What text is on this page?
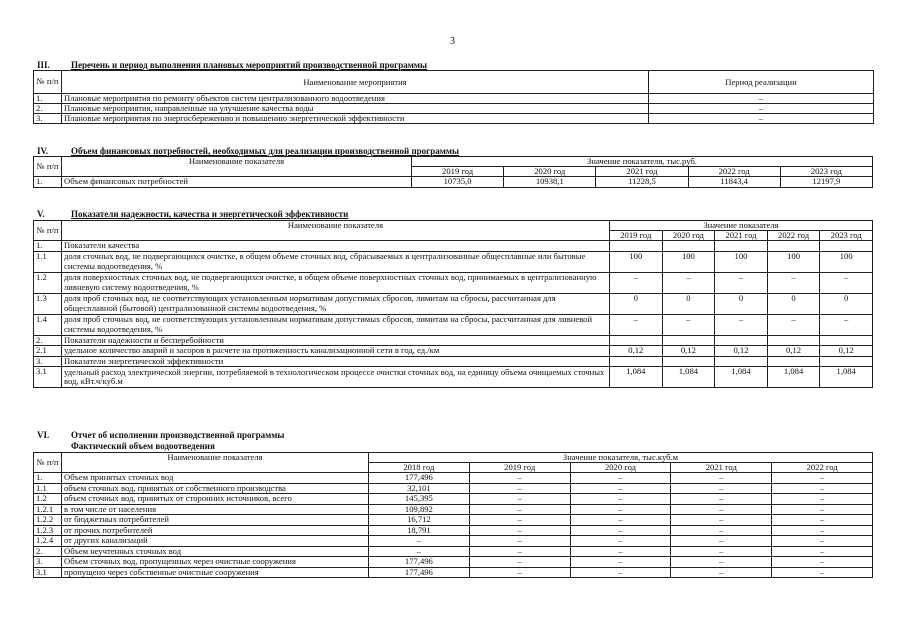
3
III. Перечень и период выполнения плановых мероприятий производственной программы
№ п/п	Наименование мероприятия	Период реализации
1.	Плановые мероприятия по ремонту объектов систем централизованного водоотведения	–
2.	Плановые мероприятия, направленные на улучшение качества воды	–
3.	Плановые мероприятия по энергосбережению и повышению энергетической эффективности	–
IV.	Объем финансовых потребностей, необходимых для реализации производственной программы
№ п/п	Наименование показателя	Значение показателя, тыс.руб.				
		2019 год	2020 год	2021 год	2022 год	2023 год
1.	Объем финансовых потребностей	10735,0	10938,1	11228,5	11843,4	12197,9
V.	Показатели надежности, качества и энергетической эффективности
№ п/п	Наименование показателя	Значение показателя				
		2019 год	2020 год	2021 год	2022 год	2023 год
1.	Показатели качества					
1.1	доля сточных вод, не подвергающихся очистке, в общем объеме сточных вод, сбрасываемых в централизованные общесплавные или бытовые системы водоотведения, %	100	100	100	100	100
1.2	доля поверхностных сточных вод, не подвергающихся очистке, в общем объеме поверхностных сточных вод, принимаемых в централизованную ливневую систему водоотведения, %	–	–	–	–	–
1.3	доля проб сточных вод, не соответствующих установленным нормативам допустимых сбросов, лимитам на сбросы, рассчитанная для общесплавной (бытовой) централизованной системы водоотведения, %	0	0	0	0	0
1.4	доля проб сточных вод, не соответствующих установленным нормативам допустимых сбросов, лимитам на сбросы, рассчитанная для ливневой системы водоотведения, %	–	–	–	–	–
2.	Показатели надежности и бесперебойности					
2.1	удельное количество аварий и засоров в расчете на протяженность канализационной сети в год, ед./км	0,12	0,12	0,12	0,12	0,12
3.	Показатели энергетической эффективности					
3.1	удельный расход электрической энергии, потребляемой в технологическом процессе очистки сточных вод, на единицу объема очищаемых сточных вод, кВт.ч/куб.м	1,084	1,084	1,084	1,084	1,084
VI. Отчет об исполнении производственной программы
Фактический объем водоотведения
№ п/п	Наименование показателя	Значение показателя, тыс.куб.м				
		2018 год	2019 год	2020 год	2021 год	2022 год
1.	Объем принятых сточных вод	177,496	–	–	–	–
1.1	объем сточных вод, принятых от собственного производства	32,101	–	–	–	–
1.2	объем сточных вод, принятых от сторонних источников, всего	145,395	–	–	–	–
1.2.1	в том числе от населения	109,892	–	–	–	–
1.2.2	от бюджетных потребителей	16,712	–	–	–	–
1.2.3	от прочих потребителей	18,791	–	–	–	–
1.2.4	от других канализаций	–	–	–	–	–
2.	Объем неучтенных сточных вод	–	–	–	–	–
3.	Объем сточных вод, пропущенных через очистные сооружения	177,496	–	–	–	–
3.1	пропущено через собственные очистные сооружения	177,496	–	–	–	–
